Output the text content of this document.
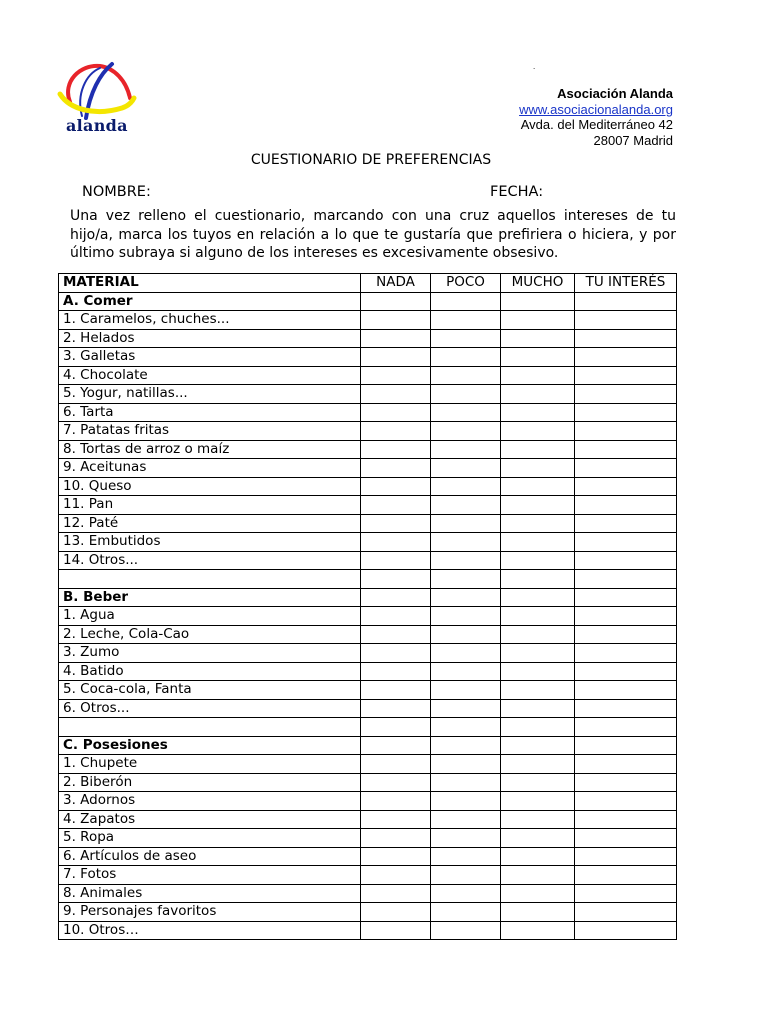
alanda
.
Asociación Alanda
www.asociacionalanda.org
Avda. del Mediterráneo 42
28007 Madrid
CUESTIONARIO DE PREFERENCIAS
NOMBRE:	FECHA:
Una vez relleno el cuestionario, marcando con una cruz aquellos intereses de tu hijo/a, marca los tuyos en relación a lo que te gustaría que prefiriera o hiciera, y por último subraya si alguno de los intereses es excesivamente obsesivo.
MATERIAL	NADA	POCO	MUCHO	TU INTERÉS
A. Comer				
1. Caramelos, chuches...				
2. Helados				
3. Galletas				
4. Chocolate				
5. Yogur, natillas...				
6. Tarta				
7. Patatas fritas				
8. Tortas de arroz o maíz				
9. Aceitunas				
10. Queso				
11. Pan				
12. Paté				
13. Embutidos				
14. Otros...				

B. Beber				
1. Agua				
2. Leche, Cola-Cao				
3. Zumo				
4. Batido				
5. Coca-cola, Fanta				
6. Otros...				

C. Posesiones				
1. Chupete				
2. Biberón				
3. Adornos				
4. Zapatos				
5. Ropa				
6. Artículos de aseo				
7. Fotos				
8. Animales				
9. Personajes favoritos				
10. Otros…				
